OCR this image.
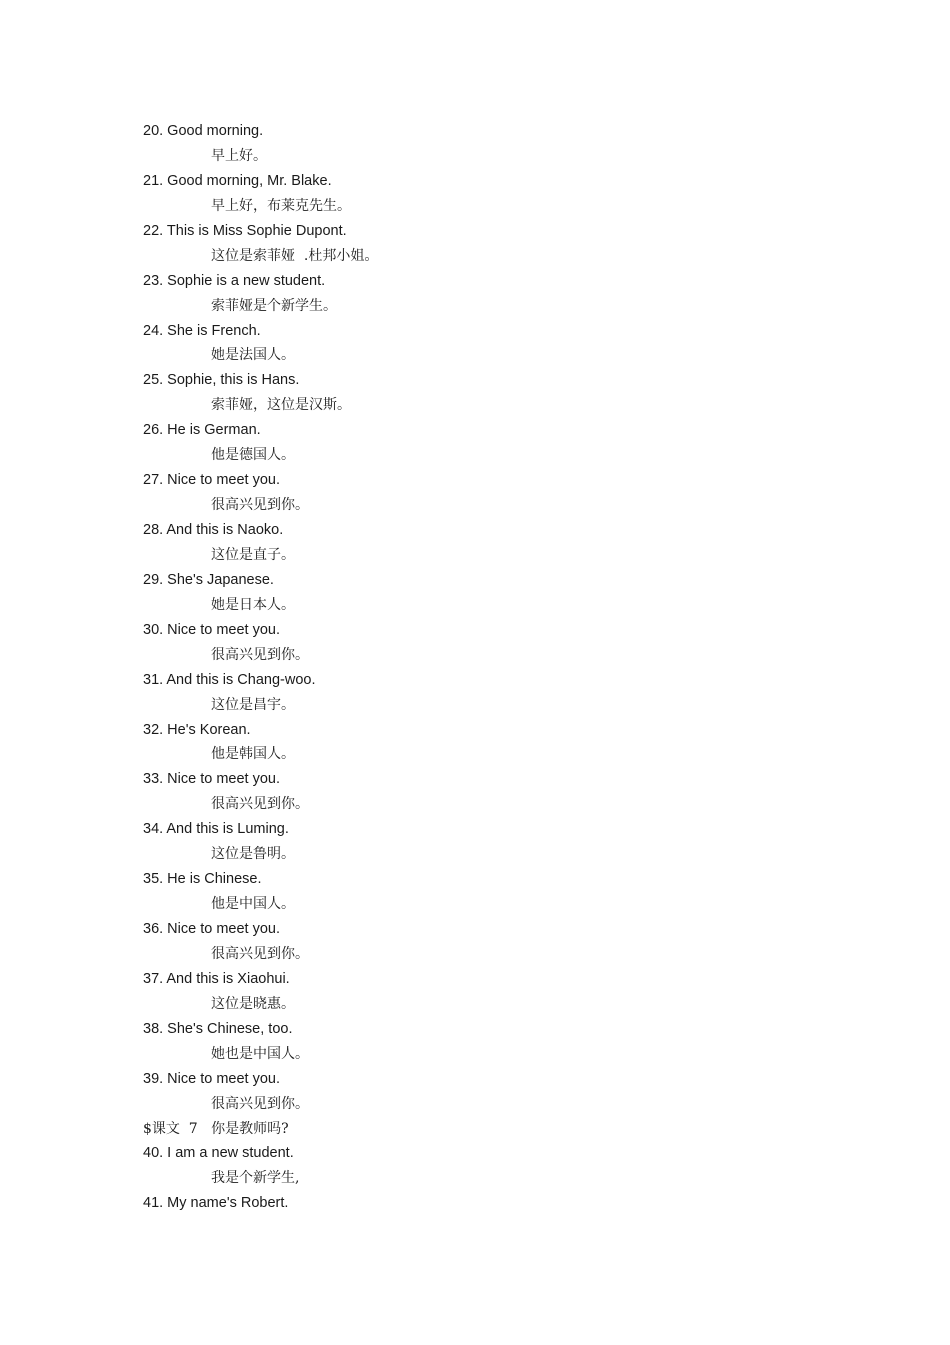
20. Good morning.
早上好。
21. Good morning, Mr. Blake.
早上好，布莱克先生。
22. This is Miss Sophie Dupont.
这位是索菲娅  .杜邦小姐。
23. Sophie is a new student.
索菲娅是个新学生。
24. She is French.
她是法国人。
25. Sophie, this is Hans.
索菲娅，这位是汉斯。
26. He is German.
他是德国人。
27. Nice to meet you.
很高兴见到你。
28. And this is Naoko.
这位是直子。
29. She's Japanese.
她是日本人。
30. Nice to meet you.
很高兴见到你。
31. And this is Chang-woo.
这位是昌宇。
32. He's Korean.
他是韩国人。
33. Nice to meet you.
很高兴见到你。
34. And this is Luming.
这位是鲁明。
35. He is Chinese.
他是中国人。
36. Nice to meet you.
很高兴见到你。
37. And this is Xiaohui.
这位是晓惠。
38. She's Chinese, too.
她也是中国人。
39. Nice to meet you.
很高兴见到你。
$课文  7   你是教师吗?
40. I am a new student.
我是个新学生,
41. My name's Robert.
